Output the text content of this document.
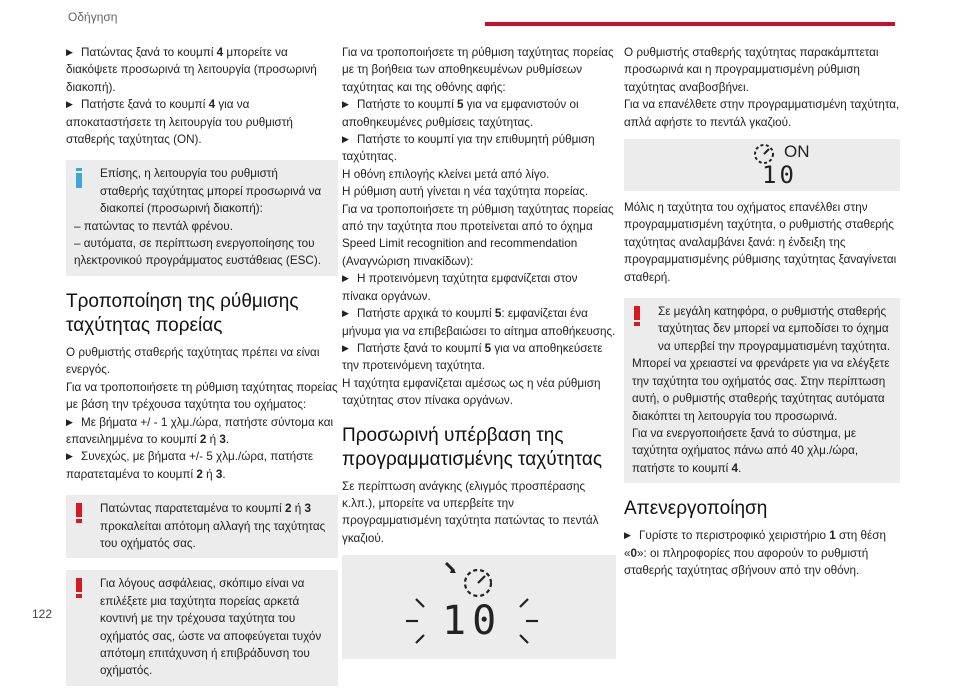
Οδήγηση
▶ Πατώντας ξανά το κουμπί 4 μπορείτε να διακόψετε προσωρινά τη λειτουργία (προσωρινή διακοπή).
▶ Πατήστε ξανά το κουμπί 4 για να αποκαταστήσετε τη λειτουργία του ρυθμιστή σταθερής ταχύτητας (ON).
Επίσης, η λειτουργία του ρυθμιστή σταθερής ταχύτητας μπορεί προσωρινά να διακοπεί (προσωρινή διακοπή):
– πατώντας το πεντάλ φρένου.
– αυτόματα, σε περίπτωση ενεργοποίησης του ηλεκτρονικού προγράμματος ευστάθειας (ESC).
Τροποποίηση της ρύθμισης ταχύτητας πορείας
Ο ρυθμιστής σταθερής ταχύτητας πρέπει να είναι ενεργός.
Για να τροποποιήσετε τη ρύθμιση ταχύτητας πορείας με βάση την τρέχουσα ταχύτητα του οχήματος:
▶ Με βήματα +/ - 1 χλμ./ώρα, πατήστε σύντομα και επανειλημμένα το κουμπί 2 ή 3.
▶ Συνεχώς, με βήματα +/- 5 χλμ./ώρα, πατήστε παρατεταμένα το κουμπί 2 ή 3.
Πατώντας παρατεταμένα το κουμπί 2 ή 3 προκαλείται απότομη αλλαγή της ταχύτητας του οχήματός σας.
Για λόγους ασφάλειας, σκόπιμο είναι να επιλέξετε μια ταχύτητα πορείας αρκετά κοντινή με την τρέχουσα ταχύτητα του οχήματός σας, ώστε να αποφεύγεται τυχόν απότομη επιτάχυνση ή επιβράδυνση του οχήματός.
Για να τροποποιήσετε τη ρύθμιση ταχύτητας πορείας με τη βοήθεια των αποθηκευμένων ρυθμίσεων ταχύτητας και της οθόνης αφής:
▶ Πατήστε το κουμπί 5 για να εμφανιστούν οι αποθηκευμένες ρυθμίσεις ταχύτητας.
▶ Πατήστε το κουμπί για την επιθυμητή ρύθμιση ταχύτητας.
Η οθόνη επιλογής κλείνει μετά από λίγο.
Η ρύθμιση αυτή γίνεται η νέα ταχύτητα πορείας.
Για να τροποποιήσετε τη ρύθμιση ταχύτητας πορείας από την ταχύτητα που προτείνεται από το όχημα Speed Limit recognition and recommendation (Αναγνώριση πινακίδων):
▶ Η προτεινόμενη ταχύτητα εμφανίζεται στον πίνακα οργάνων.
▶ Πατήστε αρχικά το κουμπί 5: εμφανίζεται ένα μήνυμα για να επιβεβαιώσει το αίτημα αποθήκευσης.
▶ Πατήστε ξανά το κουμπί 5 για να αποθηκεύσετε την προτεινόμενη ταχύτητα.
Η ταχύτητα εμφανίζεται αμέσως ως η νέα ρύθμιση ταχύτητας στον πίνακα οργάνων.
Προσωρινή υπέρβαση της προγραμματισμένης ταχύτητας
Σε περίπτωση ανάγκης (ελιγμός προσπέρασης κ.λπ.), μπορείτε να υπερβείτε την προγραμματισμένη ταχύτητα πατώντας το πεντάλ γκαζιού.
10
Ο ρυθμιστής σταθερής ταχύτητας παρακάμπτεται προσωρινά και η προγραμματισμένη ρύθμιση ταχύτητας αναβοσβήνει.
Για να επανέλθετε στην προγραμματισμένη ταχύτητα, απλά αφήστε το πεντάλ γκαζιού.
ON
10
Μόλις η ταχύτητα του οχήματος επανέλθει στην προγραμματισμένη ταχύτητα, ο ρυθμιστής σταθερής ταχύτητας αναλαμβάνει ξανά: η ένδειξη της προγραμματισμένης ρύθμισης ταχύτητας ξαναγίνεται σταθερή.
Σε μεγάλη κατηφόρα, ο ρυθμιστής σταθερής ταχύτητας δεν μπορεί να εμποδίσει το όχημα να υπερβεί την προγραμματισμένη ταχύτητα.
Μπορεί να χρειαστεί να φρενάρετε για να ελέγξετε την ταχύτητα του οχήματός σας. Στην περίπτωση αυτή, ο ρυθμιστής σταθερής ταχύτητας αυτόματα διακόπτει τη λειτουργία του προσωρινά.
Για να ενεργοποιήσετε ξανά το σύστημα, με ταχύτητα οχήματος πάνω από 40 χλμ./ώρα, πατήστε το κουμπί 4.
Απενεργοποίηση
▶ Γυρίστε το περιστροφικό χειριστήριο 1 στη θέση «0»: οι πληροφορίες που αφορούν το ρυθμιστή σταθερής ταχύτητας σβήνουν από την οθόνη.
122
